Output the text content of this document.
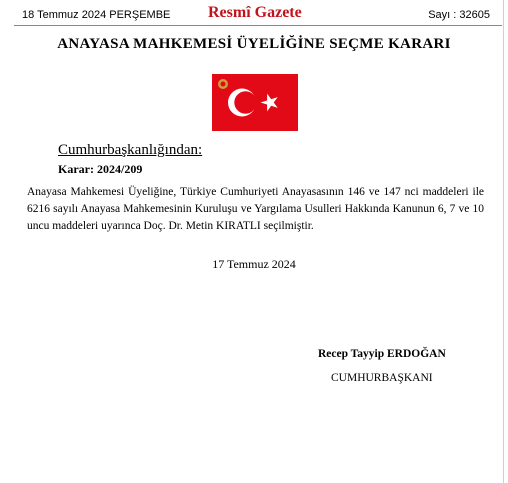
18 Temmuz 2024 PERŞEMBE Resmî Gazete	Sayı : 32605
ANAYASA MAHKEMESİ ÜYELİĞİNE SEÇME KARARI
Cumhurbaşkanlığından:
Karar: 2024/209

Anayasa Mahkemesi Üyeliğine, Türkiye Cumhuriyeti Anayasasının 146 ve 147 nci maddeleri ile 6216 sayılı Anayasa Mahkemesinin Kuruluşu ve Yargılama Usulleri Hakkında Kanunun 6, 7 ve 10 uncu maddeleri uyarınca Doç. Dr. Metin KIRATLI seçilmiştir.

17 Temmuz 2024
Recep Tayyip ERDOĞAN
CUMHURBAŞKANI
